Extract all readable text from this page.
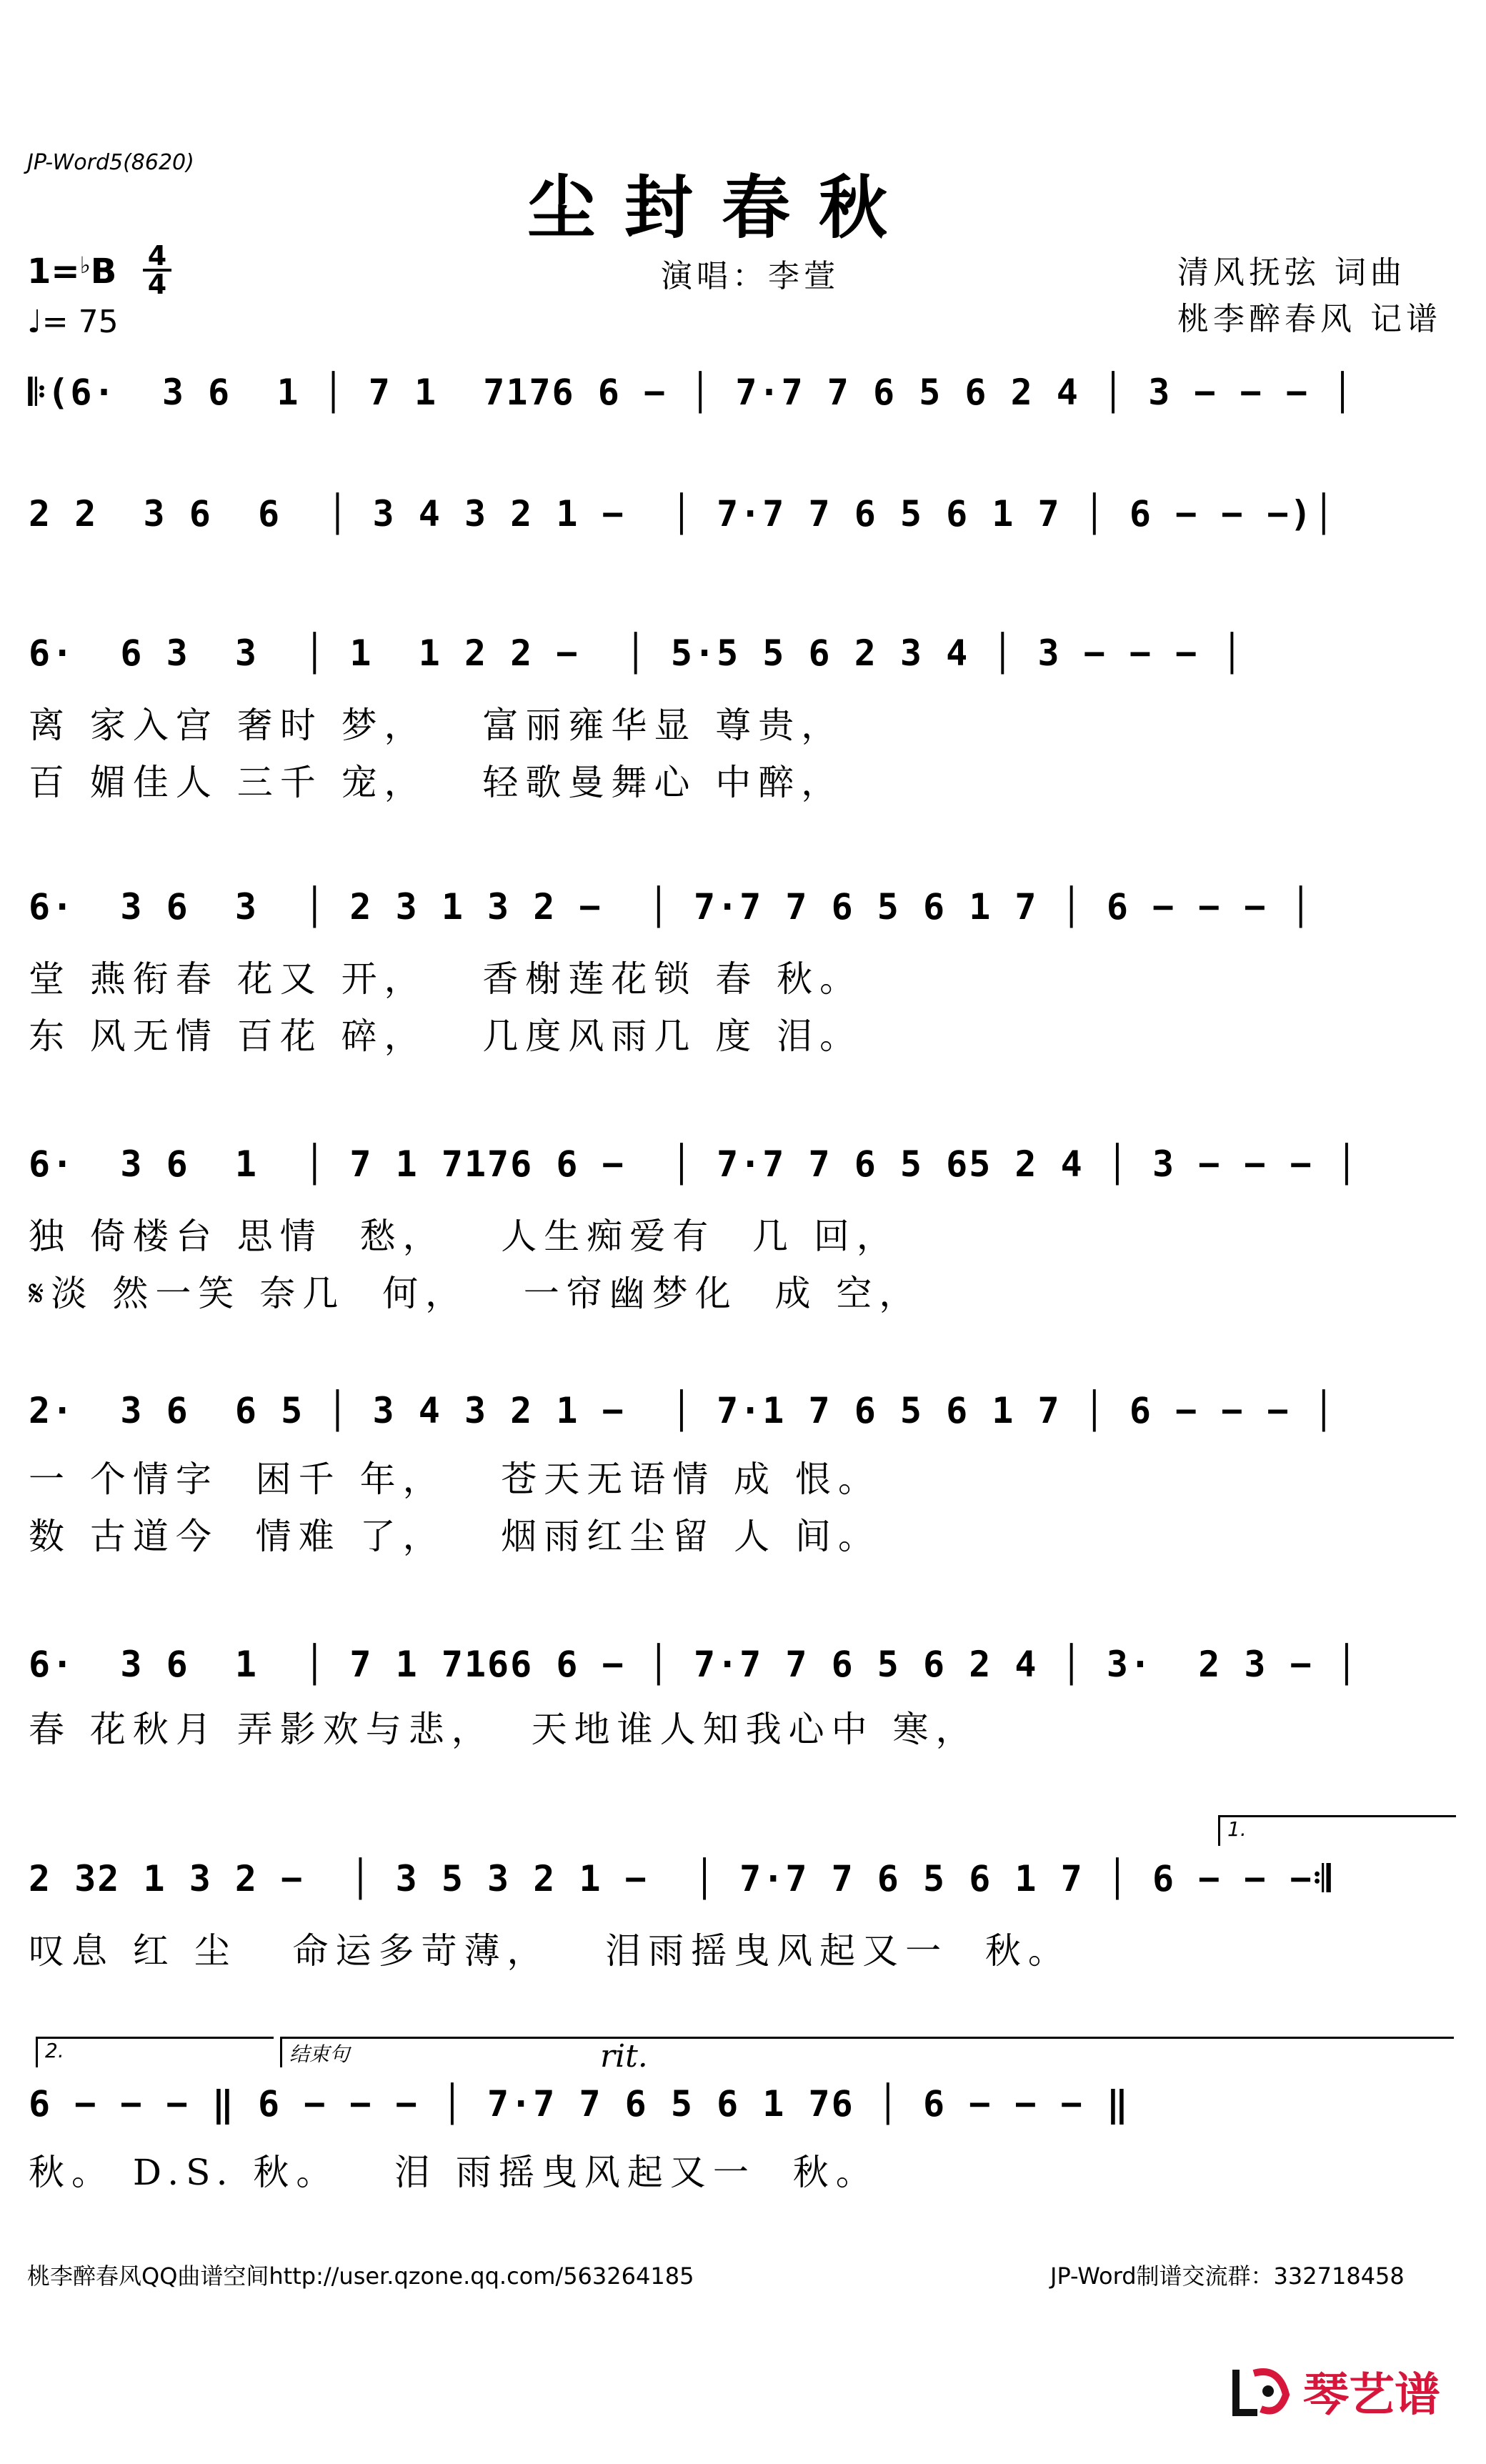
JP-Word5(8620)
尘封春秋
$1=^♭B \frac{4}{4}$
♩= 75
演唱：李萱	清风抚弦 词曲
桃李醉春风 记谱
𝄆(6·  3 6  1 │ 7 1  7176 6 − │ 7·7 7 6 5 6 2 4 │ 3 − − − │
2 2  3 6  6  │ 3 4 3 2 1 −  │ 7·7 7 6 5 6 1 7 │ 6 − − −)│
6·  6 3  3  │ 1  1 2 2 −  │ 5·5 5 6 2 3 4 │ 3 − − − │
离 家入宫 奢时 梦，   富丽雍华显 尊贵，
百 媚佳人 三千 宠，   轻歌曼舞心 中醉，
6·  3 6  3  │ 2 3 1 3 2 −  │ 7·7 7 6 5 6 1 7 │ 6 − − − │
堂 燕衔春 花又 开，   香榭莲花锁 春 秋。
东 风无情 百花 碎，   几度风雨几 度 泪。
6·  3 6  1  │ 7 1 7176 6 −  │ 7·7 7 6 5 65 2 4 │ 3 − − − │
独 倚楼台 思情  愁，   人生痴爱有  几 回，
𝄋淡 然一笑 奈几  何，   一帘幽梦化  成 空，
2·  3 6  6 5 │ 3 4 3 2 1 −  │ 7·1 7 6 5 6 1 7 │ 6 − − − │
一 个情字  困千 年，   苍天无语情 成 恨。
数 古道今  情难 了，   烟雨红尘留 人 间。
6·  3 6  1  │ 7 1 7166 6 − │ 7·7 7 6 5 6 2 4 │ 3·  2 3 − │
春 花秋月 弄影欢与悲，  天地谁人知我心中 寒，
1.
2 32 1 3 2 −  │ 3 5 3 2 1 −  │ 7·7 7 6 5 6 1 7 │ 6 − − −𝄇
叹息 红 尘   命运多苛薄，   泪雨摇曳风起又一  秋。
2.	结束句	rit.
6 − − − ‖ 6 − − − │ 7·7 7 6 5 6 1 76 │ 6 − − − ‖
秋。 D.S. 秋。   泪 雨摇曳风起又一  秋。
桃李醉春风QQ曲谱空间http://user.qzone.qq.com/563264185	JP-Word制谱交流群：332718458
琴艺谱
